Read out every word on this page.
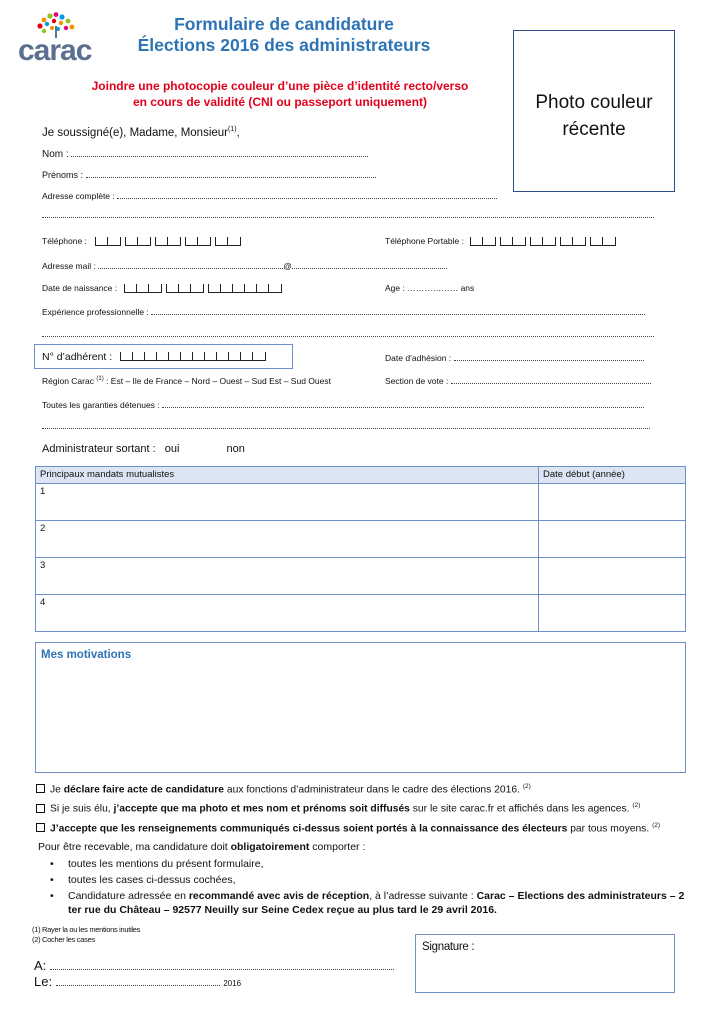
carac
Formulaire de candidature
Élections 2016 des administrateurs
Joindre une photocopie couleur d’une pièce d’identité recto/verso
en cours de validité (CNI ou passeport uniquement)	Photo couleur
récente
Je soussigné(e), Madame, Monsieur$^{(1)}$,
Nom :
Prénoms :
Adresse complète :
Téléphone :	Téléphone Portable :
Adresse mail :	@
Date de naissance :	Age : ……………… ans
Expérience professionnelle :
N° d’adhérent :	Date d’adhésion :
Région Carac $^{(1)}$ : Est – Ile de France – Nord – Ouest – Sud Est – Sud Ouest	Section de vote :
Toutes les garanties détenues :
Administrateur sortant : oui	non
Principaux mandats mutualistes	Date début (année)
1	
2	
3	
4	
Mes motivations
Je déclare faire acte de candidature aux fonctions d’administrateur dans le cadre des élections 2016. $^{(2)}$
Si je suis élu, j’accepte que ma photo et mes nom et prénoms soit diffusés sur le site carac.fr et affichés dans les agences. $^{(2)}$
J’accepte que les renseignements communiqués ci-dessus soient portés à la connaissance des électeurs par tous moyens. $^{(2)}$
Pour être recevable, ma candidature doit obligatoirement comporter :
• toutes les mentions du présent formulaire,
• toutes les cases ci-dessus cochées,
• Candidature adressée en recommandé avec avis de réception, à l’adresse suivante : Carac – Elections des administrateurs – 2 ter rue du Château – 92577 Neuilly sur Seine Cedex reçue au plus tard le 29 avril 2016.
(1) Rayer la ou les mentions inutiles
(2) Cocher les cases
A:
Le:	2016
Signature :
